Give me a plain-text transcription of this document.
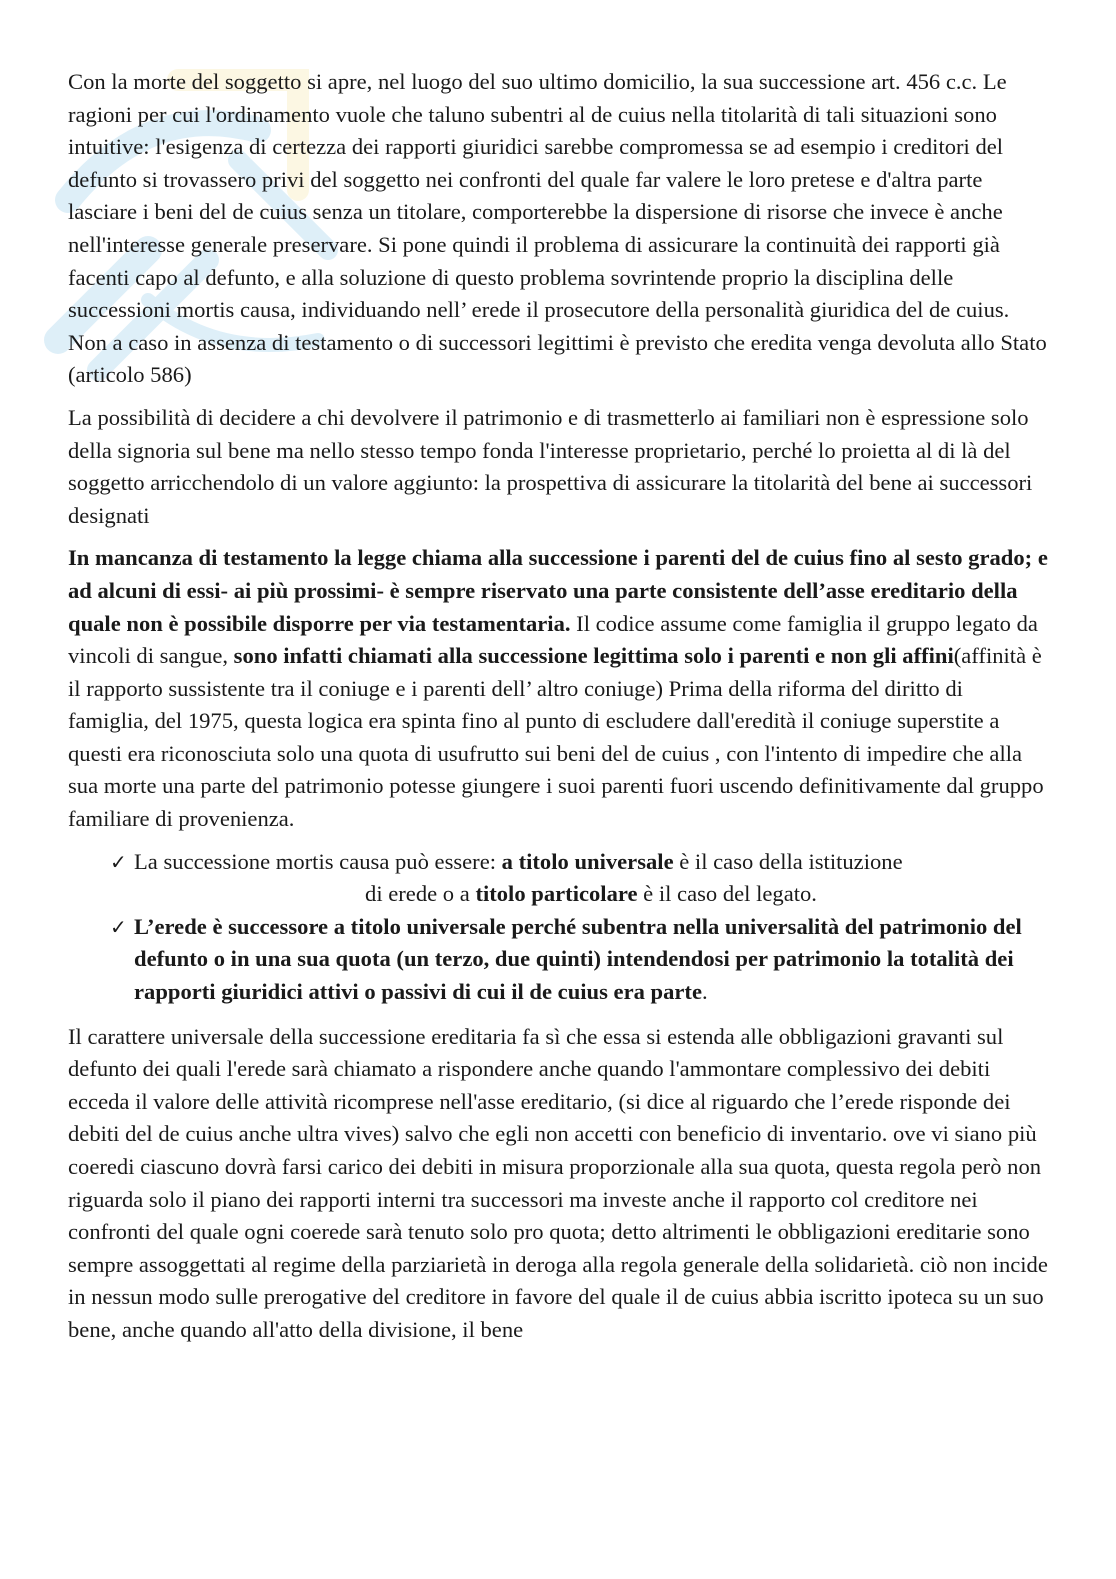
Con la morte del soggetto si apre, nel luogo del suo ultimo domicilio, la sua successione art. 456 c.c. Le ragioni per cui l'ordinamento vuole che taluno subentri al de cuius nella titolarità di tali situazioni sono intuitive: l'esigenza di certezza dei rapporti giuridici sarebbe compromessa se ad esempio i creditori del defunto si trovassero privi del soggetto nei confronti del quale far valere le loro pretese e d'altra parte lasciare i beni del de cuius senza un titolare, comporterebbe la dispersione di risorse che invece è anche nell'interesse generale preservare. Si pone quindi il problema di assicurare la continuità dei rapporti già facenti capo al defunto, e alla soluzione di questo problema sovrintende proprio la disciplina delle successioni mortis causa, individuando nell’ erede il prosecutore della personalità giuridica del de cuius. Non a caso in assenza di testamento o di successori legittimi è previsto che eredita venga devoluta allo Stato (articolo 586)

La possibilità di decidere a chi devolvere il patrimonio e di trasmetterlo ai familiari non è espressione solo della signoria sul bene ma nello stesso tempo fonda l'interesse proprietario, perché lo proietta al di là del soggetto arricchendolo di un valore aggiunto: la prospettiva di assicurare la titolarità del bene ai successori designati

In mancanza di testamento la legge chiama alla successione i parenti del de cuius fino al sesto grado; e ad alcuni di essi- ai più prossimi- è sempre riservato una parte consistente dell’asse ereditario della quale non è possibile disporre per via testamentaria. Il codice assume come famiglia il gruppo legato da vincoli di sangue, sono infatti chiamati alla successione legittima solo i parenti e non gli affini(affinità è il rapporto sussistente tra il coniuge e i parenti dell’ altro coniuge) Prima della riforma del diritto di famiglia, del 1975, questa logica era spinta fino al punto di escludere dall'eredità il coniuge superstite a questi era riconosciuta solo una quota di usufrutto sui beni del de cuius , con l'intento di impedire che alla sua morte una parte del patrimonio potesse giungere i suoi parenti fuori uscendo definitivamente dal gruppo familiare di provenienza.

✓ La successione mortis causa può essere: a titolo universale è il caso della istituzione
di erede o a titolo particolare è il caso del legato.
✓ L’erede è successore a titolo universale perché subentra nella universalità del patrimonio del defunto o in una sua quota (un terzo, due quinti) intendendosi per patrimonio la totalità dei rapporti giuridici attivi o passivi di cui il de cuius era parte.

Il carattere universale della successione ereditaria fa sì che essa si estenda alle obbligazioni gravanti sul defunto dei quali l'erede sarà chiamato a rispondere anche quando l'ammontare complessivo dei debiti ecceda il valore delle attività ricomprese nell'asse ereditario, (si dice al riguardo che l’erede risponde dei debiti del de cuius anche ultra vives) salvo che egli non accetti con beneficio di inventario. ove vi siano più coeredi ciascuno dovrà farsi carico dei debiti in misura proporzionale alla sua quota, questa regola però non riguarda solo il piano dei rapporti interni tra successori ma investe anche il rapporto col creditore nei confronti del quale ogni coerede sarà tenuto solo pro quota; detto altrimenti le obbligazioni ereditarie sono sempre assoggettati al regime della parziarietà in deroga alla regola generale della solidarietà. ciò non incide in nessun modo sulle prerogative del creditore in favore del quale il de cuius abbia iscritto ipoteca su un suo bene, anche quando all'atto della divisione, il bene
